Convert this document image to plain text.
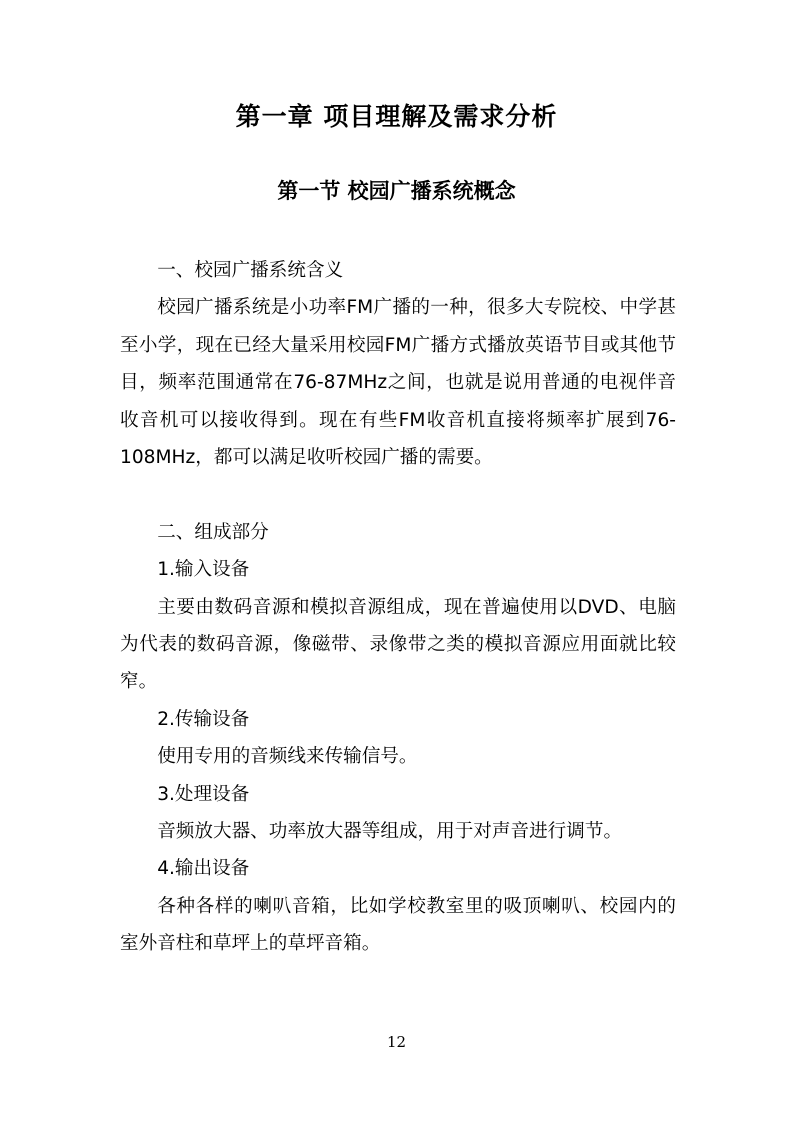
第一章 项目理解及需求分析
第一节 校园广播系统概念

一、校园广播系统含义

校园广播系统是小功率FM广播的一种，很多大专院校、中学甚至小学，现在已经大量采用校园FM广播方式播放英语节目或其他节目，频率范围通常在76-87MHz之间，也就是说用普通的电视伴音收音机可以接收得到。现在有些FM收音机直接将频率扩展到76-108MHz，都可以满足收听校园广播的需要。

二、组成部分

1.输入设备

主要由数码音源和模拟音源组成，现在普遍使用以DVD、电脑为代表的数码音源，像磁带、录像带之类的模拟音源应用面就比较窄。

2.传输设备

使用专用的音频线来传输信号。

3.处理设备

音频放大器、功率放大器等组成，用于对声音进行调节。

4.输出设备

各种各样的喇叭音箱，比如学校教室里的吸顶喇叭、校园内的室外音柱和草坪上的草坪音箱。

12
